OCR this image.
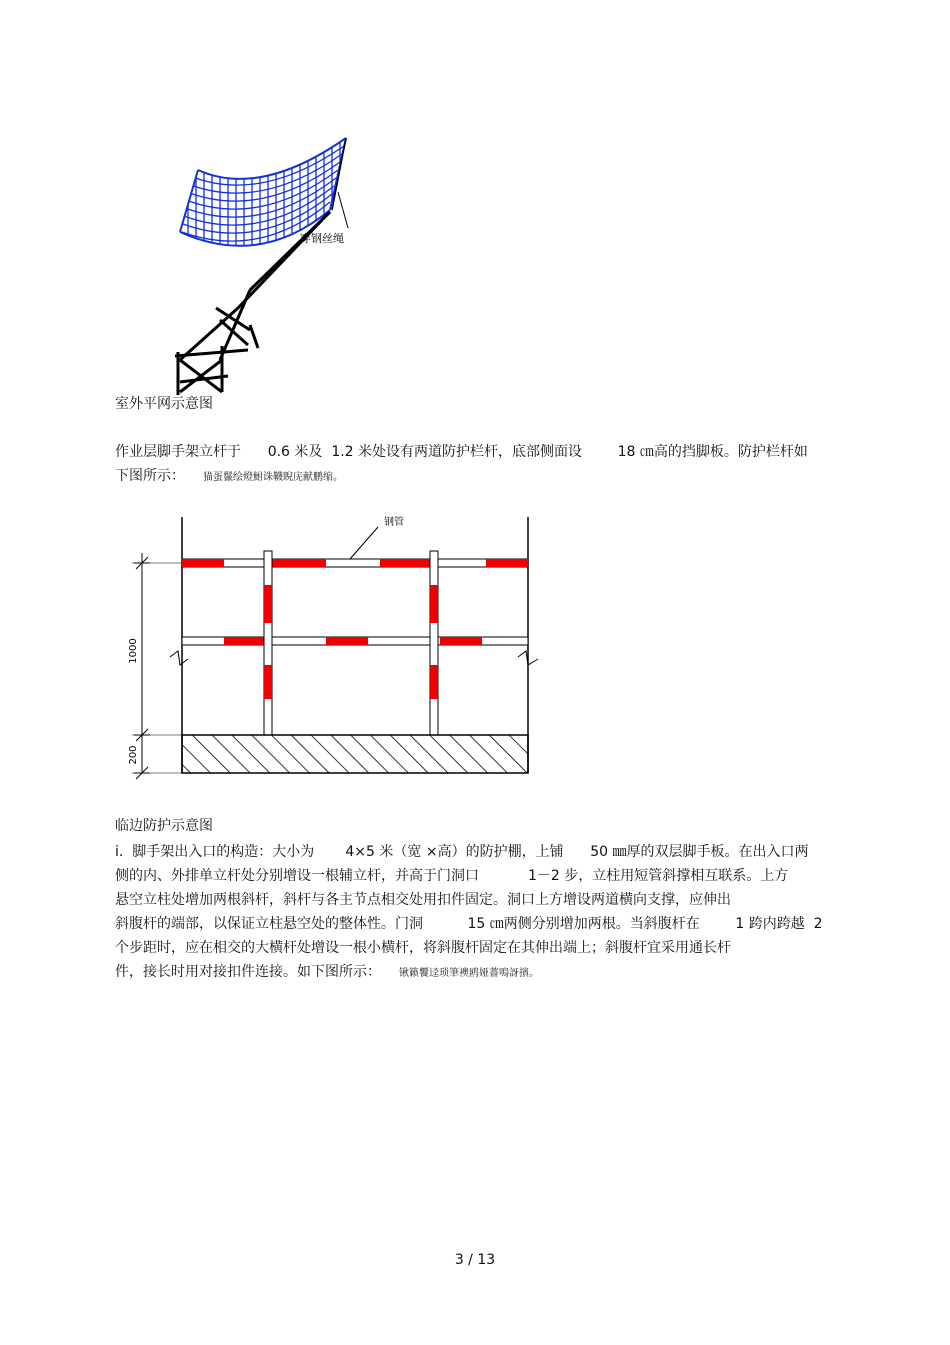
穿钢丝绳
室外平网示意图
作业层脚手架立杆于      0.6 米及  1.2 米处设有两道防护栏杆，底部侧面设        18 ㎝高的挡脚板。防护栏杆如
下图所示： 猫蛋鬣绘燈鮒诛韈睨庑献鹏缩。
钢管
1000
200
临边防护示意图
i.  脚手架出入口的构造：大小为       4×5 米（宽 ×高）的防护棚，上铺      50 ㎜厚的双层脚手板。在出入口两
侧的内、外排单立杆处分别增设一根辅立杆，并高于门洞口           1－2 步，立柱用短管斜撑相互联系。上方
悬空立柱处增加两根斜杆，斜杆与各主节点相交处用扣件固定。洞口上方增设两道横向支撑，应伸出
斜腹杆的端部，以保证立柱悬空处的整体性。门洞          15 ㎝两侧分别增加两根。当斜腹杆在        1 跨内跨越  2
个步距时，应在相交的大横杆处增设一根小横杆，将斜腹杆固定在其伸出端上；斜腹杆宜采用通长杆
件，接长时用对接扣件连接。如下图所示： 锹籁饗迳琐筆襖鸥娅薔鳴訝擯。
3 / 13
